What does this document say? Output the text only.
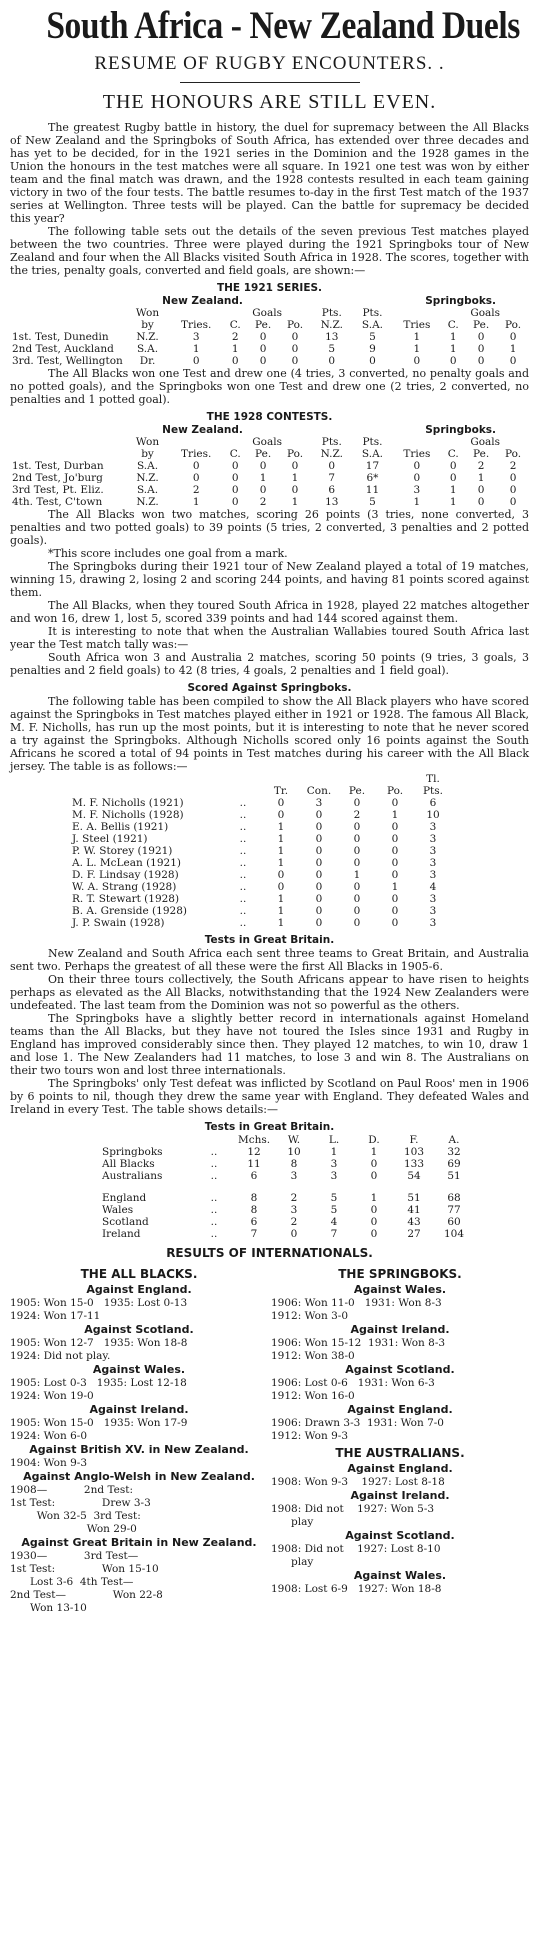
South Africa - New Zealand Duels
RESUME OF RUGBY ENCOUNTERS. .
THE HONOURS ARE STILL EVEN.

The greatest Rugby battle in history, the duel for supremacy between the All Blacks of New Zealand and the Springboks of South Africa, has extended over three decades and has yet to be decided, for in the 1921 series in the Dominion and the 1928 games in the Union the honours in the test matches were all square. In 1921 one test was won by either team and the final match was drawn, and the 1928 contests resulted in each team gaining victory in two of the four tests. The battle resumes to-day in the first Test match of the 1937 series at Wellington. Three tests will be played. Can the battle for supremacy be decided this year?

The following table sets out the details of the seven previous Test matches played between the two countries. Three were played during the 1921 Springboks tour of New Zealand and four when the All Blacks visited South Africa in 1928. The scores, together with the tries, penalty goals, converted and field goals, are shown:—

THE 1921 SERIES.
	New Zealand.							Springboks.			
	Won		Goals			Pts.	Pts.		Goals		
	by	Tries.	C.	Pe.	Po.	N.Z.	S.A.	Tries	C.	Pe.	Po.
1st. Test, Dunedin	N.Z.	3	2	0	0	13	5	1	1	0	0
2nd Test, Auckland	S.A.	1	1	0	0	5	9	1	1	0	1
3rd. Test, Wellington	Dr.	0	0	0	0	0	0	0	0	0	0

The All Blacks won one Test and drew one (4 tries, 3 converted, no penalty goals and no potted goals), and the Springboks won one Test and drew one (2 tries, 2 converted, no penalties and 1 potted goal).

THE 1928 CONTESTS.
	New Zealand.							Springboks.			
	Won		Goals			Pts.	Pts.		Goals		
	by	Tries.	C.	Pe.	Po.	N.Z.	S.A.	Tries	C.	Pe.	Po.
1st. Test, Durban	S.A.	0	0	0	0	0	17	0	0	2	2
2nd Test, Jo'burg	N.Z.	0	0	1	1	7	6*	0	0	1	0
3rd Test, Pt. Eliz.	S.A.	2	0	0	0	6	11	3	1	0	0
4th. Test, C'town	N.Z.	1	0	2	1	13	5	1	1	0	0

The All Blacks won two matches, scoring 26 points (3 tries, none converted, 3 penalties and two potted goals) to 39 points (5 tries, 2 converted, 3 penalties and 2 potted goals).

*This score includes one goal from a mark.

The Springboks during their 1921 tour of New Zealand played a total of 19 matches, winning 15, drawing 2, losing 2 and scoring 244 points, and having 81 points scored against them.

The All Blacks, when they toured South Africa in 1928, played 22 matches altogether and won 16, drew 1, lost 5, scored 339 points and had 144 scored against them.

It is interesting to note that when the Australian Wallabies toured South Africa last year the Test match tally was:—

South Africa won 3 and Australia 2 matches, scoring 50 points (9 tries, 3 goals, 3 penalties and 2 field goals) to 42 (8 tries, 4 goals, 2 penalties and 1 field goal).

Scored Against Springboks.

The following table has been compiled to show the All Black players who have scored against the Springboks in Test matches played either in 1921 or 1928. The famous All Black, M. F. Nicholls, has run up the most points, but it is interesting to note that he never scored a try against the Springboks. Although Nicholls scored only 16 points against the South Africans he scored a total of 94 points in Test matches during his career with the All Black jersey. The table is as follows:—

						Tl.
		Tr.	Con.	Pe.	Po.	Pts.
M. F. Nicholls (1921)	..	0	3	0	0	6
M. F. Nicholls (1928)	..	0	0	2	1	10
E. A. Bellis (1921)	..	1	0	0	0	3
J. Steel (1921)	..	1	0	0	0	3
P. W. Storey (1921)	..	1	0	0	0	3
A. L. McLean (1921)	..	1	0	0	0	3
D. F. Lindsay (1928)	..	0	0	1	0	3
W. A. Strang (1928)	..	0	0	0	1	4
R. T. Stewart (1928)	..	1	0	0	0	3
B. A. Grenside (1928)	..	1	0	0	0	3
J. P. Swain (1928)	..	1	0	0	0	3
Tests in Great Britain.

New Zealand and South Africa each sent three teams to Great Britain, and Australia sent two. Perhaps the greatest of all these were the first All Blacks in 1905-6.

On their three tours collectively, the South Africans appear to have risen to heights perhaps as elevated as the All Blacks, notwithstanding that the 1924 New Zealanders were undefeated. The last team from the Dominion was not so powerful as the others.

The Springboks have a slightly better record in internationals against Homeland teams than the All Blacks, but they have not toured the Isles since 1931 and Rugby in England has improved considerably since then. They played 12 matches, to win 10, draw 1 and lose 1. The New Zealanders had 11 matches, to lose 3 and win 8. The Australians on their two tours won and lost three internationals.

The Springboks' only Test defeat was inflicted by Scotland on Paul Roos' men in 1906 by 6 points to nil, though they drew the same year with England. They defeated Wales and Ireland in every Test. The table shows details:—

Tests in Great Britain.
		Mchs.	W.	L.	D.	F.	A.
Springboks	..	12	10	1	1	103	32
All Blacks	..	11	8	3	0	133	69
Australians	..	6	3	3	0	54	51

England	..	8	2	5	1	51	68
Wales	..	8	3	5	0	41	77
Scotland	..	6	2	4	0	43	60
Ireland	..	7	0	7	0	27	104
RESULTS OF INTERNATIONALS.
THE ALL BLACKS.
Against England.
1905: Won 15-0   1935: Lost 0-13
1924: Won 17-11
Against Scotland.
1905: Won 12-7   1935: Won 18-8
1924: Did not play.
Against Wales.
1905: Lost 0-3   1935: Lost 12-18
1924: Won 19-0
Against Ireland.
1905: Won 15-0   1935: Won 17-9
1924: Won 6-0
Against British XV. in New Zealand.
1904: Won 9-3
Against Anglo-Welsh in New Zealand.
1908—           2nd Test:
1st Test:              Drew 3-3
Won 32-5  3rd Test:
Won 29-0
Against Great Britain in New Zealand.
1930—           3rd Test—
1st Test:              Won 15-10
Lost 3-6  4th Test—
2nd Test—              Won 22-8
Won 13-10
THE SPRINGBOKS.
Against Wales.
1906: Won 11-0   1931: Won 8-3
1912: Won 3-0
Against Ireland.
1906: Won 15-12  1931: Won 8-3
1912: Won 38-0
Against Scotland.
1906: Lost 0-6   1931: Won 6-3
1912: Won 16-0
Against England.
1906: Drawn 3-3  1931: Won 7-0
1912: Won 9-3
THE AUSTRALIANS.
Against England.
1908: Won 9-3    1927: Lost 8-18
Against Ireland.
1908: Did not    1927: Won 5-3
play
Against Scotland.
1908: Did not    1927: Lost 8-10
play
Against Wales.
1908: Lost 6-9   1927: Won 18-8
